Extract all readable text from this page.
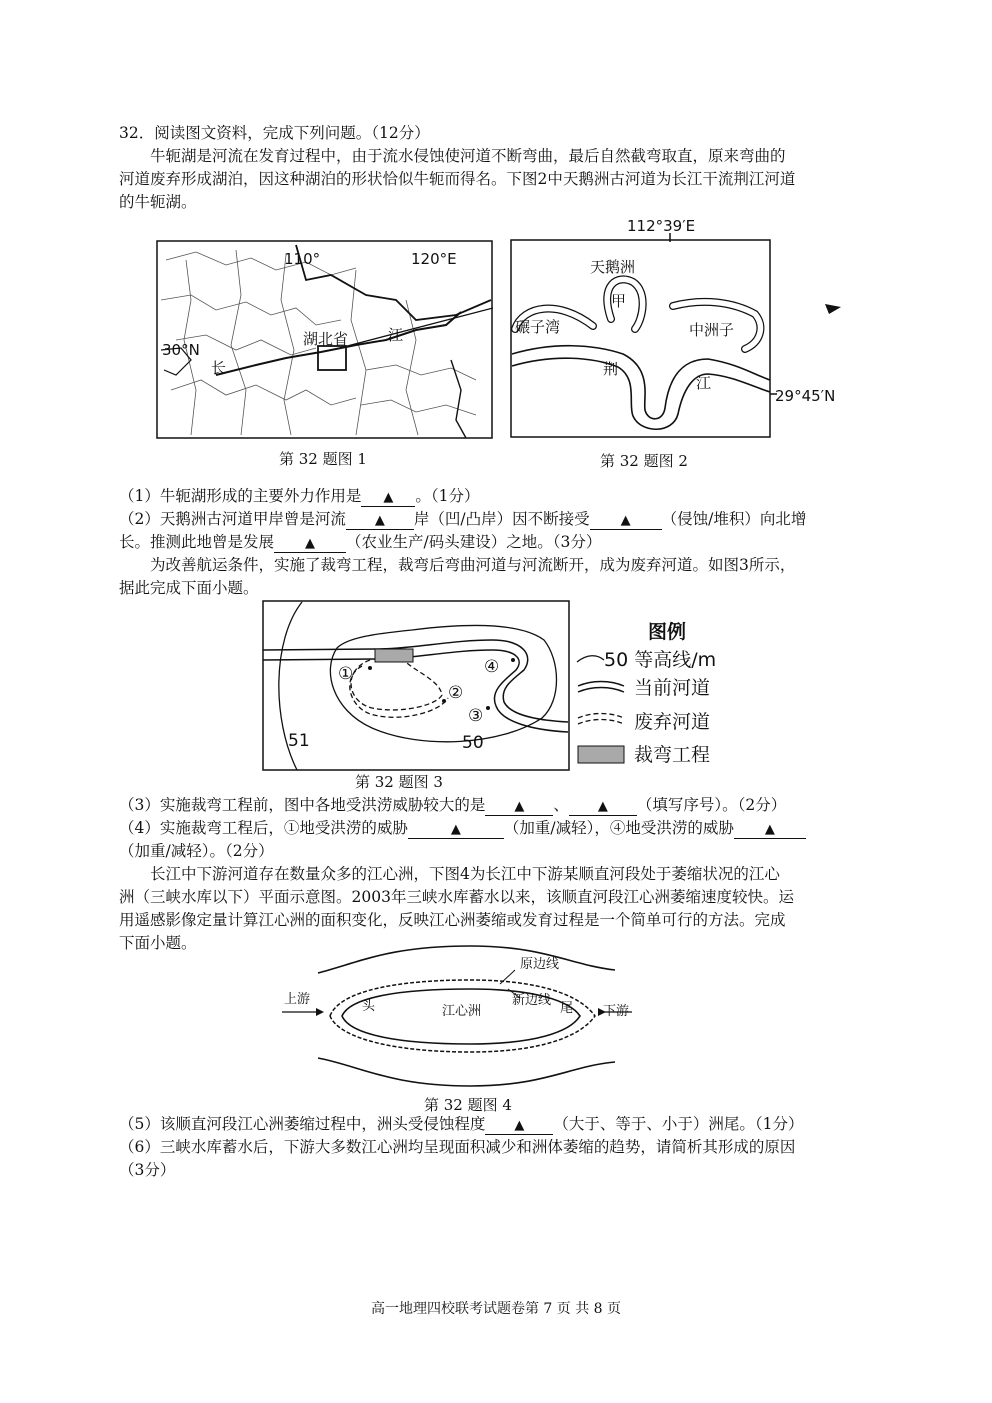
32．阅读图文资料，完成下列问题。（12分）
牛轭湖是河流在发育过程中，由于流水侵蚀使河道不断弯曲，最后自然截弯取直，原来弯曲的
河道废弃形成湖泊，因这种湖泊的形状恰似牛轭而得名。下图2中天鹅洲古河道为长江干流荆江河道
的牛轭湖。
110°	120°E
30°N
湖北省
长
江
第 32 题图 1
112°39′E
29°45′N
天鹅洲
甲
碾子湾	中洲子
荆
江
第 32 题图 2
（1）牛轭湖形成的主要外力作用是 ▲ 。（1分）
（2）天鹅洲古河道甲岸曾是河流 ▲ 岸（凹/凸岸）因不断接受 ▲ （侵蚀/堆积）向北增
长。推测此地曾是发展 ▲ （农业生产/码头建设）之地。（3分）
为改善航运条件，实施了裁弯工程，裁弯后弯曲河道与河流断开，成为废弃河道。如图3所示，
据此完成下面小题。
①
②
③
④
51	50
图例
50 等高线/m
当前河道
废弃河道
裁弯工程
第 32 题图 3
（3）实施裁弯工程前，图中各地受洪涝威胁较大的是 ▲ 、 ▲ （填写序号）。（2分）
（4）实施裁弯工程后，①地受洪涝的威胁	▲	（加重/减轻），④地受洪涝的威胁 ▲
（加重/减轻）。（2分）
长江中下游河道存在数量众多的江心洲，下图4为长江中下游某顺直河段处于萎缩状况的江心
洲（三峡水库以下）平面示意图。2003年三峡水库蓄水以来，该顺直河段江心洲萎缩速度较快。运
用遥感影像定量计算江心洲的面积变化，反映江心洲萎缩或发育过程是一个简单可行的方法。完成
下面小题。
上游
下游
头	尾
江心洲
原边线
新边线
第 32 题图 4
（5）该顺直河段江心洲萎缩过程中，洲头受侵蚀程度 ▲ （大于、等于、小于）洲尾。（1分）
（6）三峡水库蓄水后，下游大多数江心洲均呈现面积减少和洲体萎缩的趋势，请简析其形成的原因
（3分）
高一地理四校联考试题卷第 7 页 共 8 页
